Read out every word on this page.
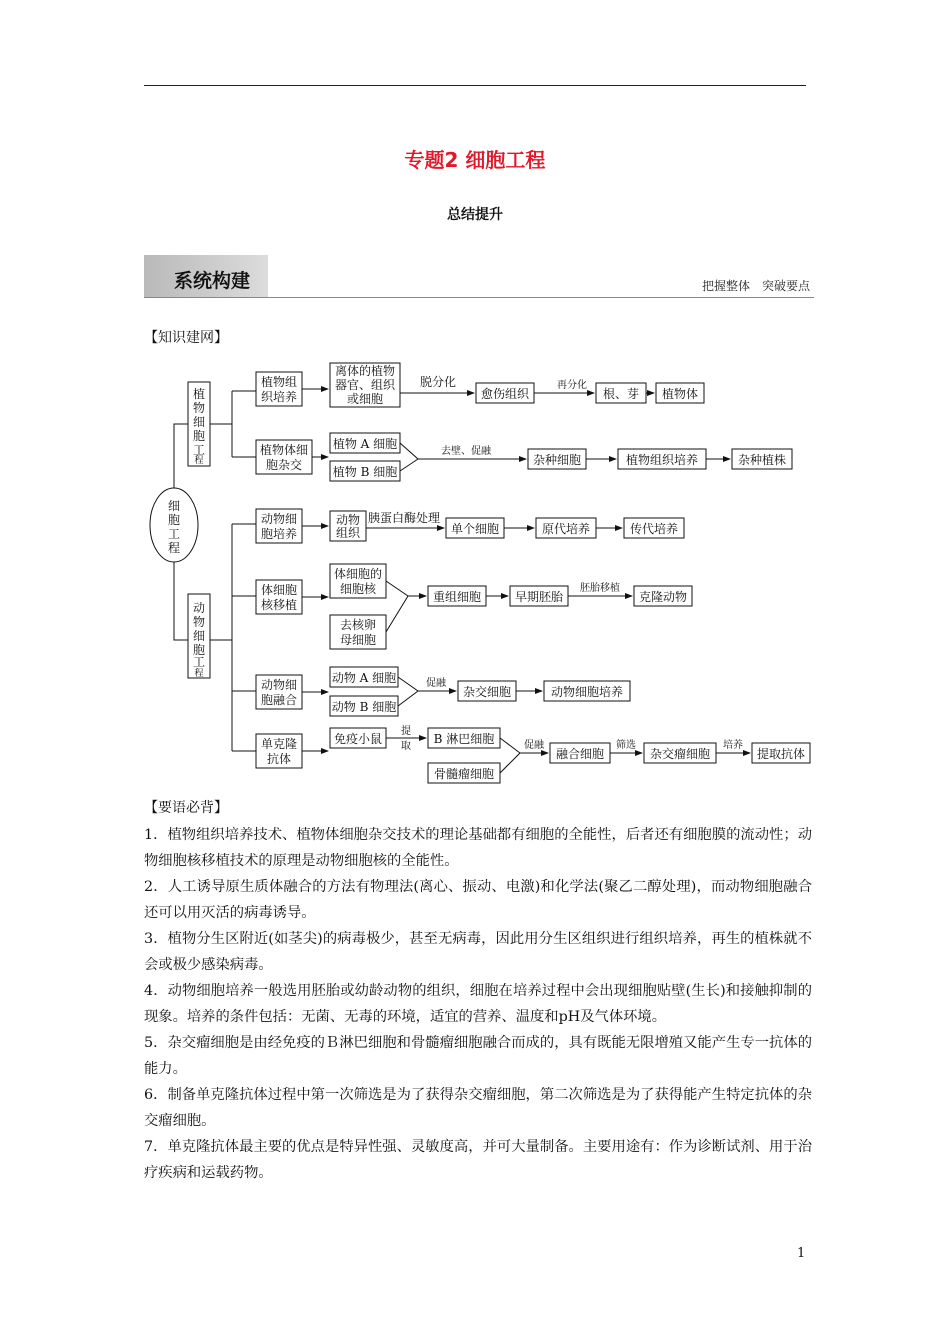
专题2 细胞工程
总结提升
系统构建	把握整体　突破要点
【知识建网】
细
胞
工
程
植
物
细
胞
工
程
动
物
细
胞
工
程
植物组
织培养
植物体细
胞杂交
动物细
胞培养
体细胞
核移植
动物细
胞融合
单克隆
抗体
离体的植物
器官、组织
或细胞
脱分化
愈伤组织
再分化
根、芽 植物体
植物 A 细胞
植物 B 细胞
去壁、促融
杂种细胞	植物组织培养	杂种植株
动物
组织
胰蛋白酶处理
单个细胞	原代培养	传代培养
体细胞的
细胞核
去核卵
母细胞
重组细胞	早期胚胎
胚胎移植
克隆动物
动物 A 细胞
动物 B 细胞
促融
杂交细胞	动物细胞培养
免疫小鼠
提
取
B 淋巴细胞
骨髓瘤细胞
促融
融合细胞
筛选
杂交瘤细胞
培养
提取抗体
【要语必背】

1．植物组织培养技术、植物体细胞杂交技术的理论基础都有细胞的全能性，后者还有细胞膜的流动性；动物细胞核移植技术的原理是动物细胞核的全能性。

2．人工诱导原生质体融合的方法有物理法(离心、振动、电激)和化学法(聚乙二醇处理)，而动物细胞融合还可以用灭活的病毒诱导。

3．植物分生区附近(如茎尖)的病毒极少，甚至无病毒，因此用分生区组织进行组织培养，再生的植株就不会或极少感染病毒。

4．动物细胞培养一般选用胚胎或幼龄动物的组织，细胞在培养过程中会出现细胞贴壁(生长)和接触抑制的现象。培养的条件包括：无菌、无毒的环境，适宜的营养、温度和pH及气体环境。

5．杂交瘤细胞是由经免疫的Ｂ淋巴细胞和骨髓瘤细胞融合而成的，具有既能无限增殖又能产生专一抗体的能力。

6．制备单克隆抗体过程中第一次筛选是为了获得杂交瘤细胞，第二次筛选是为了获得能产生特定抗体的杂交瘤细胞。

7．单克隆抗体最主要的优点是特异性强、灵敏度高，并可大量制备。主要用途有：作为诊断试剂、用于治疗疾病和运载药物。

1
